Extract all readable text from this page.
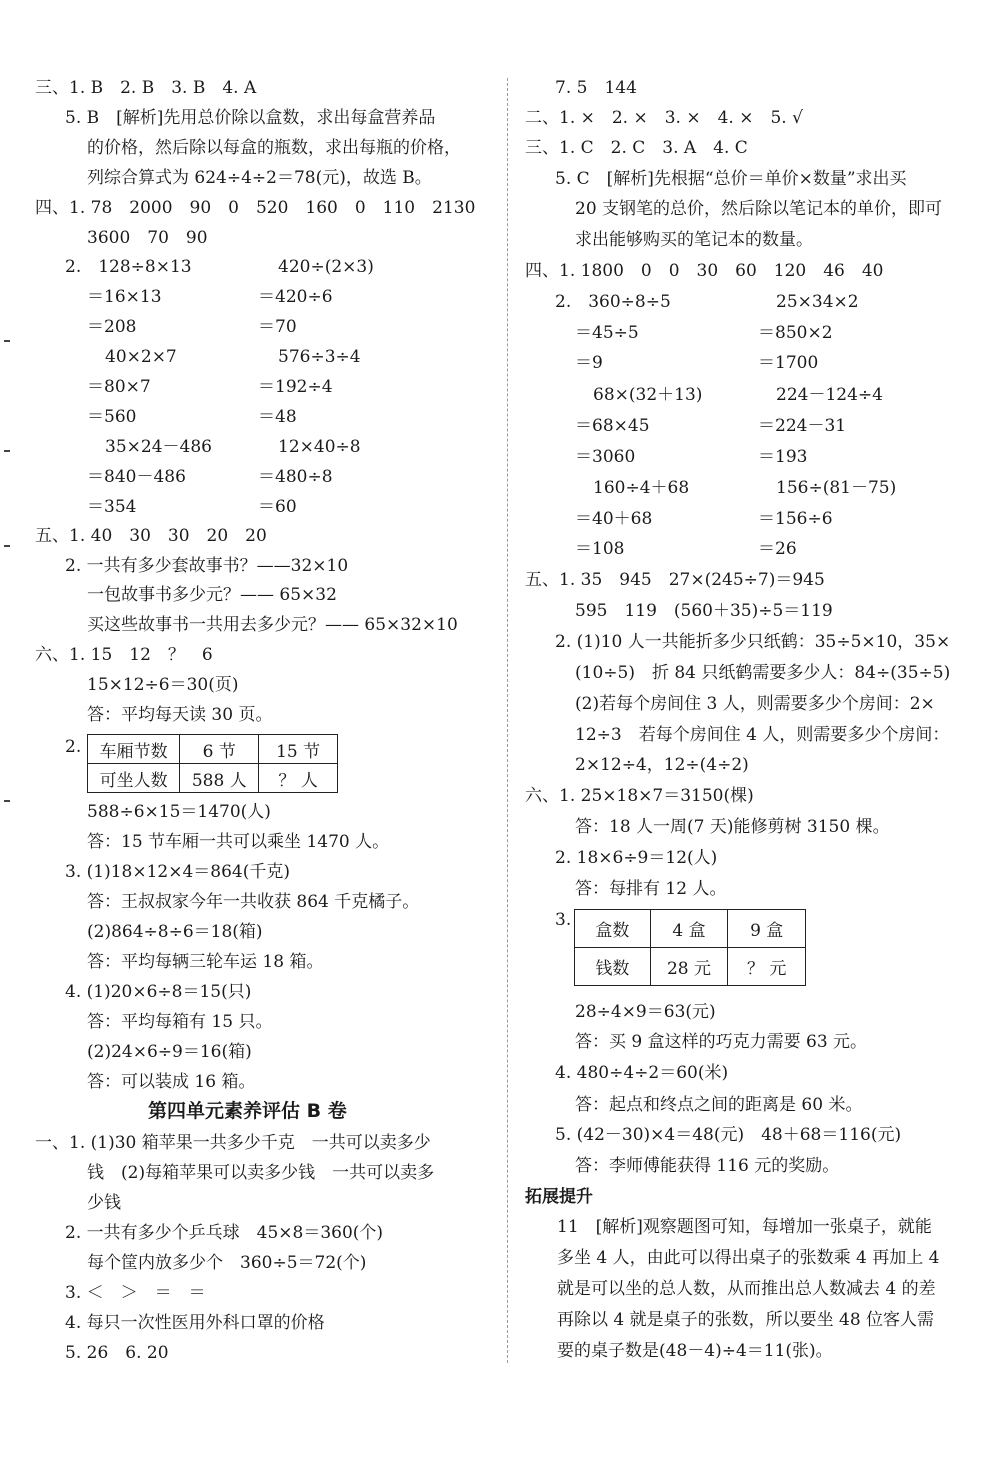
第四单元素养评估 B 卷
车厢节数	6 节	15 节
可坐人数	588 人	？ 人
三、1. B　2. B　3. B　4. A
5. B　[解析]先用总价除以盒数，求出每盒营养品
的价格，然后除以每盒的瓶数，求出每瓶的价格，
列综合算式为 624÷4÷2＝78(元)，故选 B。
四、1. 78　2000　90　0　520　160　0　110　2130
3600　70　90
2.　128÷8×13	420÷(2×3)
＝16×13	＝420÷6
＝208	＝70
40×2×7	576÷3÷4
＝80×7	＝192÷4
＝560	＝48
35×24－486	12×40÷8
＝840－486	＝480÷8
＝354	＝60
五、1. 40　30　30　20　20
2. 一共有多少套故事书？——32×10
一包故事书多少元？—— 65×32
买这些故事书一共用去多少元？—— 65×32×10
六、1. 15　12　？　6
15×12÷6＝30(页)
答：平均每天读 30 页。
2.
588÷6×15＝1470(人)
答：15 节车厢一共可以乘坐 1470 人。
3. (1)18×12×4＝864(千克)
答：王叔叔家今年一共收获 864 千克橘子。
(2)864÷8÷6＝18(箱)
答：平均每辆三轮车运 18 箱。
4. (1)20×6÷8＝15(只)
答：平均每箱有 15 只。
(2)24×6÷9＝16(箱)
答：可以装成 16 箱。
一、1. (1)30 箱苹果一共多少千克　一共可以卖多少
钱　(2)每箱苹果可以卖多少钱　一共可以卖多
少钱
2. 一共有多少个乒乓球　45×8＝360(个)
每个筐内放多少个　360÷5＝72(个)
3. ＜　＞　＝　＝
4. 每只一次性医用外科口罩的价格
5. 26　6. 20
拓展提升
盒数	4 盒	9 盒
钱数	28 元	？ 元
7. 5　144
二、1. ×　2. ×　3. ×　4. ×　5. √
三、1. C　2. C　3. A　4. C
5. C　[解析]先根据“总价＝单价×数量”求出买
20 支钢笔的总价，然后除以笔记本的单价，即可
求出能够购买的笔记本的数量。
四、1. 1800　0　0　30　60　120　46　40
2.　360÷8÷5	25×34×2
＝45÷5	＝850×2
＝9	＝1700
68×(32＋13)	224－124÷4
＝68×45	＝224－31
＝3060	＝193
160÷4＋68	156÷(81－75)
＝40＋68	＝156÷6
＝108	＝26
五、1. 35　945　27×(245÷7)＝945
595　119　(560＋35)÷5＝119
2. (1)10 人一共能折多少只纸鹤：35÷5×10，35×
(10÷5)　折 84 只纸鹤需要多少人：84÷(35÷5)
(2)若每个房间住 3 人，则需要多少个房间：2×
12÷3　若每个房间住 4 人，则需要多少个房间：
2×12÷4，12÷(4÷2)
六、1. 25×18×7＝3150(棵)
答：18 人一周(7 天)能修剪树 3150 棵。
2. 18×6÷9＝12(人)
答：每排有 12 人。
3.
28÷4×9＝63(元)
答：买 9 盒这样的巧克力需要 63 元。
4. 480÷4÷2＝60(米)
答：起点和终点之间的距离是 60 米。
5. (42－30)×4＝48(元)　48＋68＝116(元)
答：李师傅能获得 116 元的奖励。
11　[解析]观察题图可知，每增加一张桌子，就能
多坐 4 人，由此可以得出桌子的张数乘 4 再加上 4
就是可以坐的总人数，从而推出总人数减去 4 的差
再除以 4 就是桌子的张数，所以要坐 48 位客人需
要的桌子数是(48－4)÷4＝11(张)。
